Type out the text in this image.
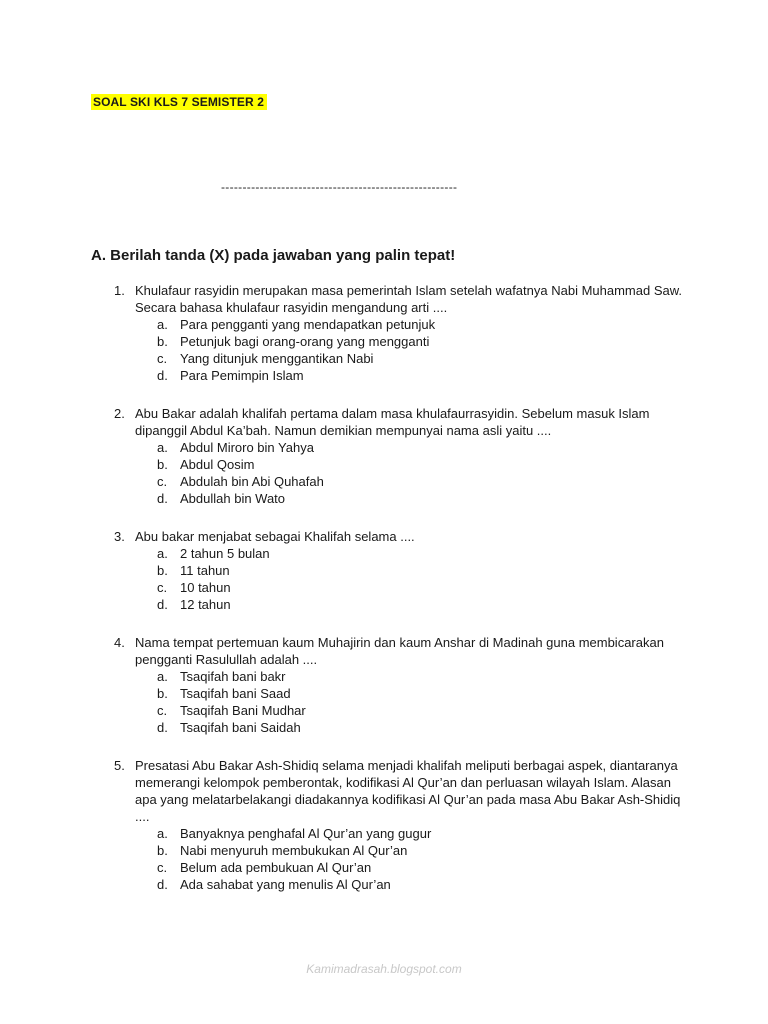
SOAL SKI KLS 7 SEMISTER 2
-------------------------------------------------------
A. Berilah tanda (X) pada jawaban yang palin tepat!
1. Khulafaur rasyidin merupakan masa pemerintah Islam setelah wafatnya Nabi Muhammad Saw. Secara bahasa khulafaur rasyidin mengandung arti ....
a. Para pengganti yang mendapatkan petunjuk
b. Petunjuk bagi orang-orang yang mengganti
c. Yang ditunjuk menggantikan Nabi
d. Para Pemimpin Islam
2. Abu Bakar adalah khalifah pertama dalam masa khulafaurrasyidin. Sebelum masuk Islam dipanggil Abdul Ka’bah. Namun demikian mempunyai nama asli yaitu ....
a. Abdul Miroro bin Yahya
b. Abdul Qosim
c. Abdulah bin Abi Quhafah
d. Abdullah bin Wato
3. Abu bakar menjabat sebagai Khalifah selama ....
a. 2 tahun 5 bulan
b. 11 tahun
c. 10 tahun
d. 12 tahun
4. Nama tempat pertemuan kaum Muhajirin dan kaum Anshar di Madinah guna membicarakan pengganti Rasulullah adalah ....
a. Tsaqifah bani bakr
b. Tsaqifah bani Saad
c. Tsaqifah Bani Mudhar
d. Tsaqifah bani Saidah
5. Presatasi Abu Bakar Ash-Shidiq selama menjadi khalifah meliputi berbagai aspek, diantaranya memerangi kelompok pemberontak, kodifikasi Al Qur’an dan perluasan wilayah Islam. Alasan apa yang melatarbelakangi diadakannya kodifikasi Al Qur’an pada masa Abu Bakar Ash-Shidiq ....
a. Banyaknya penghafal Al Qur’an yang gugur
b. Nabi menyuruh membukukan Al Qur’an
c. Belum ada pembukuan Al Qur’an
d. Ada sahabat yang menulis Al Qur’an
Kamimadrasah.blogspot.com
